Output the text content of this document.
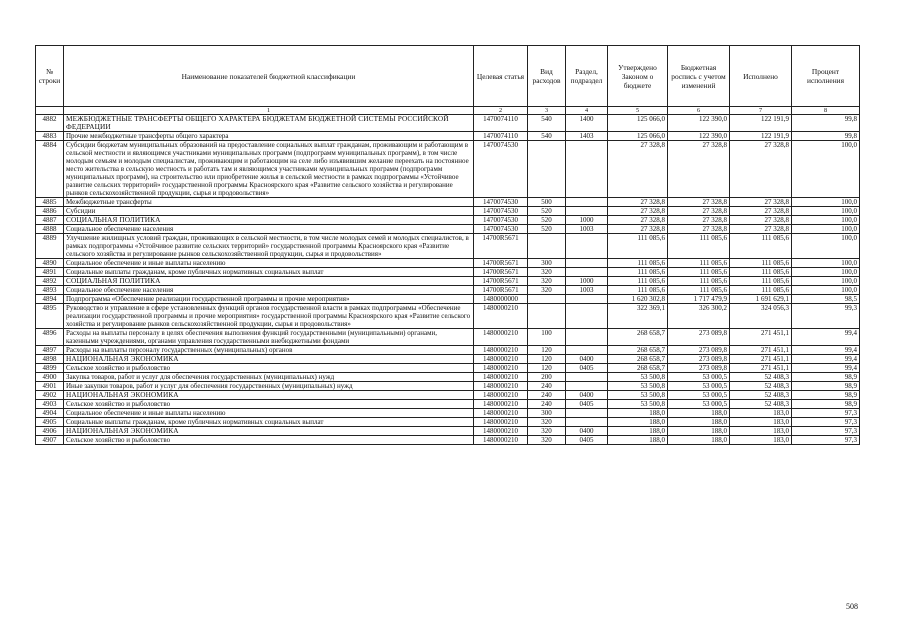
№ строки	Наименование показателей бюджетной классификации	Целевая статья	Вид расходов	Раздел, подраздел	Утверждено Законом о бюджете	Бюджетная роспись с учетом изменений	Исполнено	Процент исполнения
	1	2	3	4	5	6	7	8
4882	МЕЖБЮДЖЕТНЫЕ ТРАНСФЕРТЫ ОБЩЕГО ХАРАКТЕРА БЮДЖЕТАМ БЮДЖЕТНОЙ СИСТЕМЫ РОССИЙСКОЙ ФЕДЕРАЦИИ	1470074110	540	1400	125 066,0	122 390,0	122 191,9	99,8
4883	Прочие межбюджетные трансферты общего характера	1470074110	540	1403	125 066,0	122 390,0	122 191,9	99,8
4884	Субсидии бюджетам муниципальных образований на предоставление социальных выплат гражданам, проживающим и работающим в сельской местности и являющимся участниками муниципальных программ (подпрограмм муниципальных программ), в том числе молодым семьям и молодым специалистам, проживающим и работающим на селе либо изъявившим желание переехать на постоянное место жительства в сельскую местность и работать там и являющимся участниками муниципальных программ (подпрограмм муниципальных программ), на строительство или приобретение жилья в сельской местности в рамках подпрограммы «Устойчивое развитие сельских территорий» государственной программы Красноярского края «Развитие сельского хозяйства и регулирование рынков сельскохозяйственной продукции, сырья и продовольствия»	1470074530			27 328,8	27 328,8	27 328,8	100,0
4885	Межбюджетные трансферты	1470074530	500		27 328,8	27 328,8	27 328,8	100,0
4886	Субсидии	1470074530	520		27 328,8	27 328,8	27 328,8	100,0
4887	СОЦИАЛЬНАЯ ПОЛИТИКА	1470074530	520	1000	27 328,8	27 328,8	27 328,8	100,0
4888	Социальное обеспечение населения	1470074530	520	1003	27 328,8	27 328,8	27 328,8	100,0
4889	Улучшение жилищных условий граждан, проживающих в сельской местности, в том числе молодых семей и молодых специалистов, в рамках подпрограммы «Устойчивое развитие сельских территорий» государственной программы Красноярского края «Развитие сельского хозяйства и регулирование рынков сельскохозяйственной продукции, сырья и продовольствия»	14700R5671			111 085,6	111 085,6	111 085,6	100,0
4890	Социальное обеспечение и иные выплаты населению	14700R5671	300		111 085,6	111 085,6	111 085,6	100,0
4891	Социальные выплаты гражданам, кроме публичных нормативных социальных выплат	14700R5671	320		111 085,6	111 085,6	111 085,6	100,0
4892	СОЦИАЛЬНАЯ ПОЛИТИКА	14700R5671	320	1000	111 085,6	111 085,6	111 085,6	100,0
4893	Социальное обеспечение населения	14700R5671	320	1003	111 085,6	111 085,6	111 085,6	100,0
4894	Подпрограмма «Обеспечение реализации государственной программы и прочие мероприятия»	1480000000			1 620 302,8	1 717 479,9	1 691 629,1	98,5
4895	Руководство и управление в сфере установленных функций органов государственной власти в рамках подпрограммы «Обеспечение реализации государственной программы и прочие мероприятия» государственной программы Красноярского края «Развитие сельского хозяйства и регулирование рынков сельскохозяйственной продукции, сырья и продовольствия»	1480000210			322 369,1	326 300,2	324 056,3	99,3
4896	Расходы на выплаты персоналу в целях обеспечения выполнения функций государственными (муниципальными) органами, казенными учреждениями, органами управления государственными внебюджетными фондами	1480000210	100		268 658,7	273 089,8	271 451,1	99,4
4897	Расходы на выплаты персоналу государственных (муниципальных) органов	1480000210	120		268 658,7	273 089,8	271 451,1	99,4
4898	НАЦИОНАЛЬНАЯ ЭКОНОМИКА	1480000210	120	0400	268 658,7	273 089,8	271 451,1	99,4
4899	Сельское хозяйство и рыболовство	1480000210	120	0405	268 658,7	273 089,8	271 451,1	99,4
4900	Закупка товаров, работ и услуг для обеспечения государственных (муниципальных) нужд	1480000210	200		53 500,8	53 000,5	52 408,3	98,9
4901	Иные закупки товаров, работ и услуг для обеспечения государственных (муниципальных) нужд	1480000210	240		53 500,8	53 000,5	52 408,3	98,9
4902	НАЦИОНАЛЬНАЯ ЭКОНОМИКА	1480000210	240	0400	53 500,8	53 000,5	52 408,3	98,9
4903	Сельское хозяйство и рыболовство	1480000210	240	0405	53 500,8	53 000,5	52 408,3	98,9
4904	Социальное обеспечение и иные выплаты населению	1480000210	300		188,0	188,0	183,0	97,3
4905	Социальные выплаты гражданам, кроме публичных нормативных социальных выплат	1480000210	320		188,0	188,0	183,0	97,3
4906	НАЦИОНАЛЬНАЯ ЭКОНОМИКА	1480000210	320	0400	188,0	188,0	183,0	97,3
4907	Сельское хозяйство и рыболовство	1480000210	320	0405	188,0	188,0	183,0	97,3
508
